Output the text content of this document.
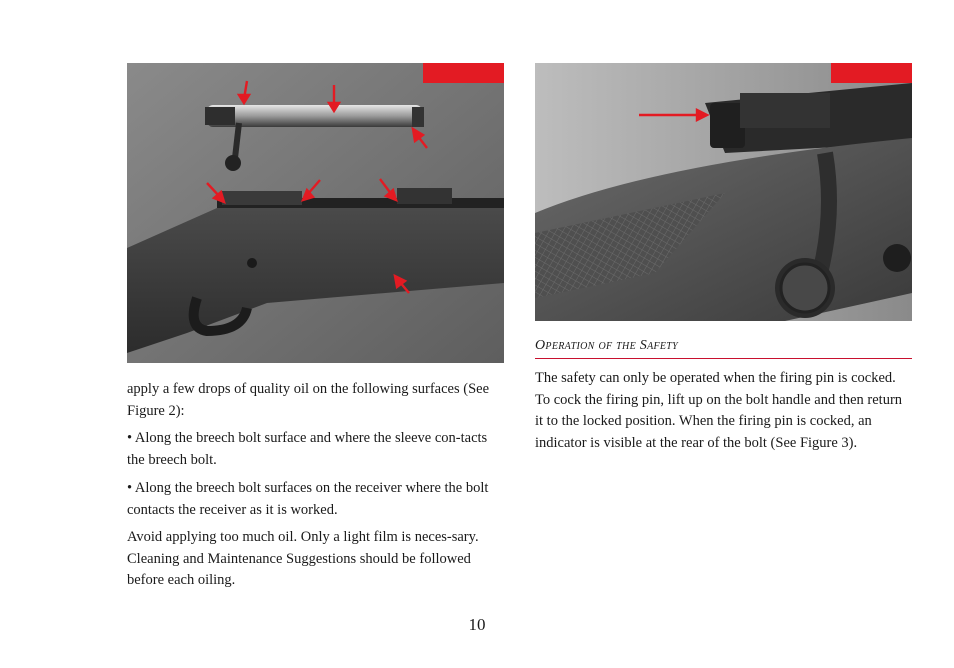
apply a few drops of quality oil on the following surfaces (See Figure 2):

• Along the breech bolt surface and where the sleeve con-tacts the breech bolt.

• Along the breech bolt surfaces on the receiver where the bolt contacts the receiver as it is worked.

Avoid applying too much oil. Only a light film is neces-sary. Cleaning and Maintenance Suggestions should be followed before each oiling.

Operation of the Safety

The safety can only be operated when the firing pin is cocked. To cock the firing pin, lift up on the bolt handle and then return it to the locked position. When the firing pin is cocked, an indicator is visible at the rear of the bolt (See Figure 3).

10
